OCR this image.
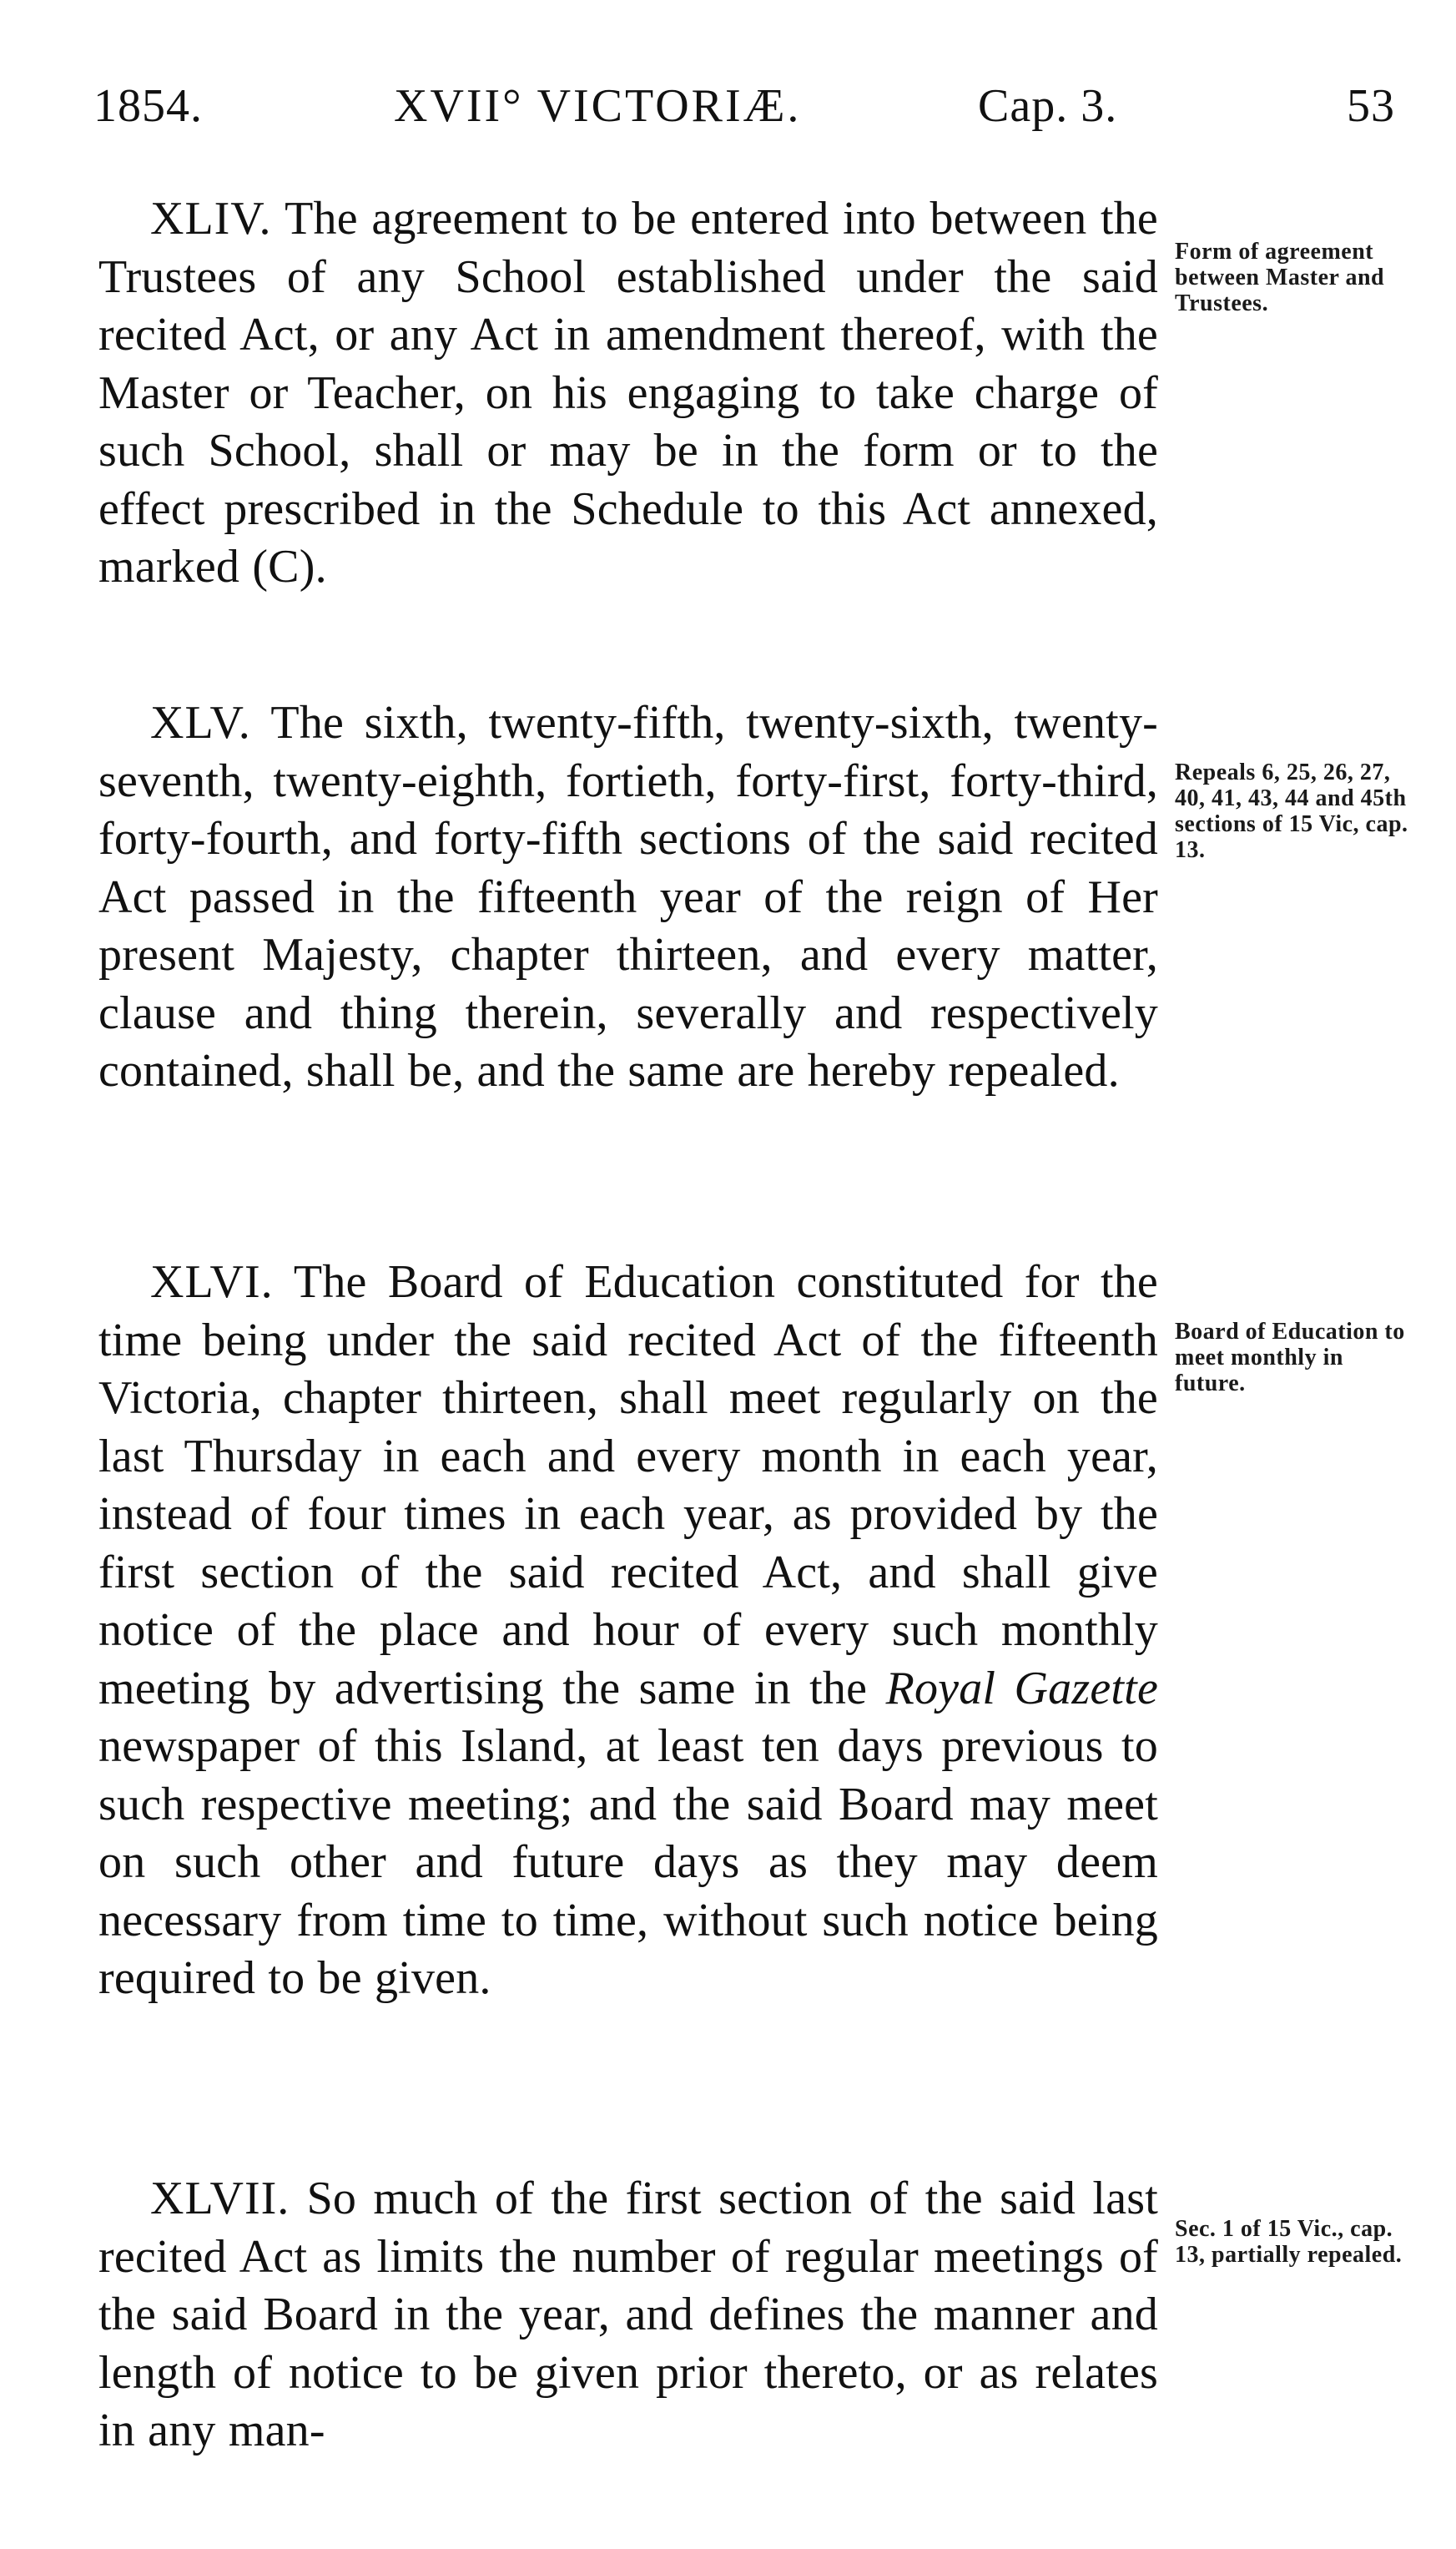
1854.	XVII° VICTORIÆ.	Cap. 3.	53
XLIV. The agreement to be entered into between the Trustees of any School established under the said recited Act, or any Act in amendment thereof, with the Master or Teacher, on his engaging to take charge of such School, shall or may be in the form or to the effect prescribed in the Schedule to this Act annexed, marked (C).
Form of agreement between Master and Trustees.
XLV. The sixth, twenty-fifth, twenty-sixth, twenty-seventh, twenty-eighth, fortieth, forty-first, forty-third, forty-fourth, and forty-fifth sections of the said recited Act passed in the fifteenth year of the reign of Her present Majesty, chapter thirteen, and every matter, clause and thing therein, severally and respectively contained, shall be, and the same are hereby repealed.
Repeals 6, 25, 26, 27, 40, 41, 43, 44 and 45th sections of 15 Vic, cap. 13.
XLVI. The Board of Education constituted for the time being under the said recited Act of the fifteenth Victoria, chapter thirteen, shall meet regularly on the last Thursday in each and every month in each year, instead of four times in each year, as provided by the first section of the said recited Act, and shall give notice of the place and hour of every such monthly meeting by advertising the same in the Royal Gazette newspaper of this Island, at least ten days previous to such respective meeting; and the said Board may meet on such other and future days as they may deem necessary from time to time, without such notice being required to be given.
Board of Education to meet monthly in future.
XLVII. So much of the first section of the said last recited Act as limits the number of regular meetings of the said Board in the year, and defines the manner and length of notice to be given prior thereto, or as relates in any man-
Sec. 1 of 15 Vic., cap. 13, partially repealed.
